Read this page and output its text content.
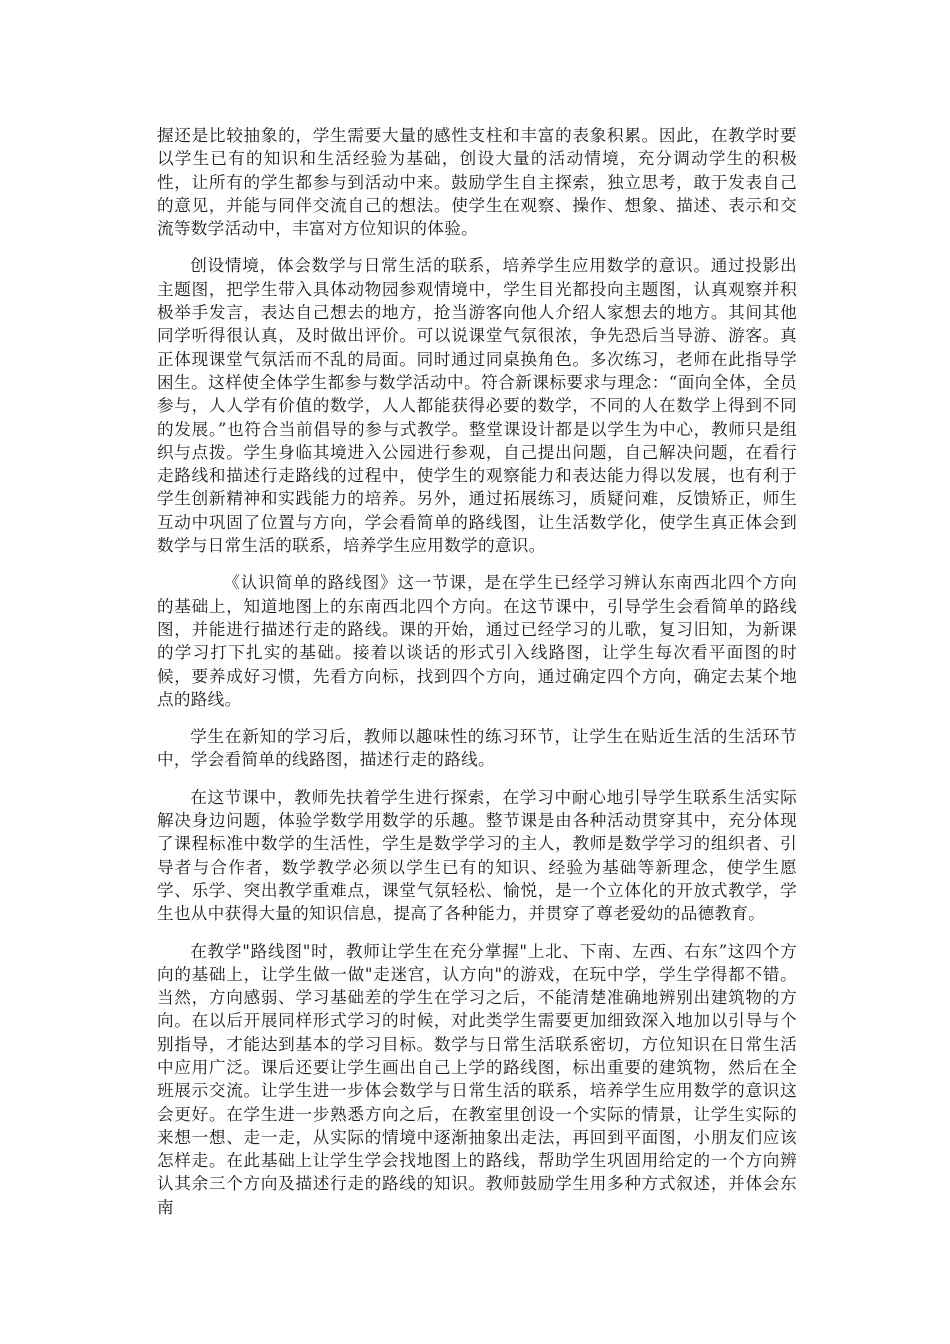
握还是比较抽象的，学生需要大量的感性支柱和丰富的表象积累。因此，在教学时要以学生已有的知识和生活经验为基础，创设大量的活动情境，充分调动学生的积极性，让所有的学生都参与到活动中来。鼓励学生自主探索，独立思考，敢于发表自己的意见，并能与同伴交流自己的想法。使学生在观察、操作、想象、描述、表示和交流等数学活动中，丰富对方位知识的体验。

创设情境，体会数学与日常生活的联系，培养学生应用数学的意识。通过投影出主题图，把学生带入具体动物园参观情境中，学生目光都投向主题图，认真观察并积极举手发言，表达自己想去的地方，抢当游客向他人介绍人家想去的地方。其间其他同学听得很认真，及时做出评价。可以说课堂气氛很浓，争先恐后当导游、游客。真正体现课堂气氛活而不乱的局面。同时通过同桌换角色。多次练习，老师在此指导学困生。这样使全体学生都参与数学活动中。符合新课标要求与理念：“面向全体，全员参与，人人学有价值的数学，人人都能获得必要的数学，不同的人在数学上得到不同的发展。”也符合当前倡导的参与式教学。整堂课设计都是以学生为中心，教师只是组织与点拨。学生身临其境进入公园进行参观，自己提出问题，自己解决问题，在看行走路线和描述行走路线的过程中，使学生的观察能力和表达能力得以发展，也有利于学生创新精神和实践能力的培养。另外，通过拓展练习，质疑问难，反馈矫正，师生互动中巩固了位置与方向，学会看简单的路线图，让生活数学化，使学生真正体会到数学与日常生活的联系，培养学生应用数学的意识。

《认识简单的路线图》这一节课，是在学生已经学习辨认东南西北四个方向的基础上，知道地图上的东南西北四个方向。在这节课中，引导学生会看简单的路线图，并能进行描述行走的路线。课的开始，通过已经学习的儿歌，复习旧知，为新课的学习打下扎实的基础。接着以谈话的形式引入线路图，让学生每次看平面图的时候，要养成好习惯，先看方向标，找到四个方向，通过确定四个方向，确定去某个地点的路线。

学生在新知的学习后，教师以趣味性的练习环节，让学生在贴近生活的生活环节中，学会看简单的线路图，描述行走的路线。

在这节课中，教师先扶着学生进行探索，在学习中耐心地引导学生联系生活实际解决身边问题，体验学数学用数学的乐趣。整节课是由各种活动贯穿其中，充分体现了课程标准中数学的生活性，学生是数学学习的主人，教师是数学学习的组织者、引导者与合作者，数学教学必须以学生已有的知识、经验为基础等新理念，使学生愿学、乐学、突出教学重难点，课堂气氛轻松、愉悦，是一个立体化的开放式教学，学生也从中获得大量的知识信息，提高了各种能力，并贯穿了尊老爱幼的品德教育。

在教学"路线图"时，教师让学生在充分掌握"上北、下南、左西、右东”这四个方向的基础上，让学生做一做"走迷宫，认方向"的游戏，在玩中学，学生学得都不错。当然，方向感弱、学习基础差的学生在学习之后，不能清楚准确地辨别出建筑物的方向。在以后开展同样形式学习的时候，对此类学生需要更加细致深入地加以引导与个别指导，才能达到基本的学习目标。数学与日常生活联系密切，方位知识在日常生活中应用广泛。课后还要让学生画出自己上学的路线图，标出重要的建筑物，然后在全班展示交流。让学生进一步体会数学与日常生活的联系，培养学生应用数学的意识这会更好。在学生进一步熟悉方向之后，在教室里创设一个实际的情景，让学生实际的来想一想、走一走，从实际的情境中逐渐抽象出走法，再回到平面图，小朋友们应该怎样走。在此基础上让学生学会找地图上的路线，帮助学生巩固用给定的一个方向辨认其余三个方向及描述行走的路线的知识。教师鼓励学生用多种方式叙述，并体会东南
